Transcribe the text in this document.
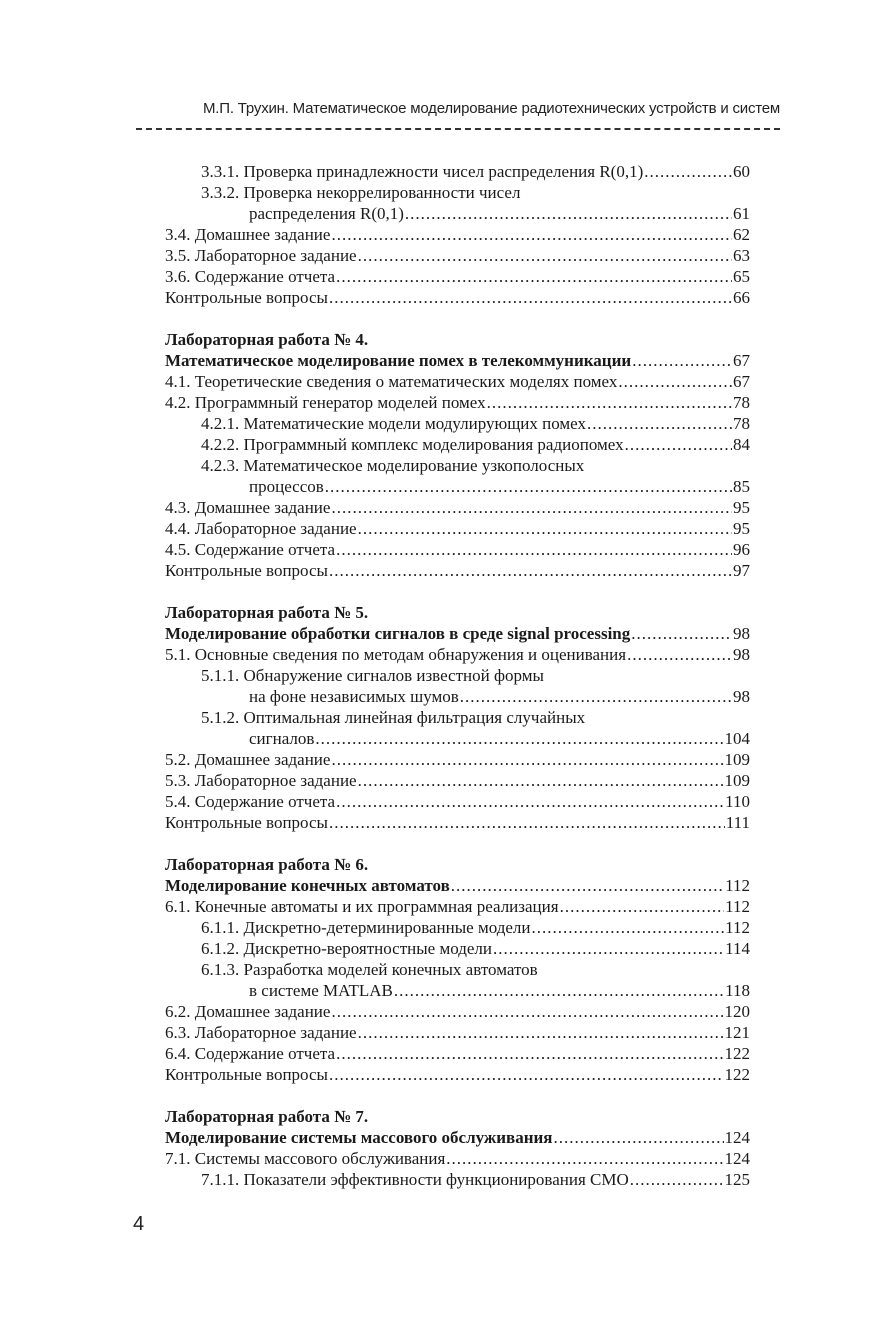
М.П. Трухин. Математическое моделирование радиотехнических устройств и систем
3.3.1. Проверка принадлежности чисел распределения R(0,1) .....	60
3.3.2. Проверка некоррелированности чисел
распределения R(0,1) .....	61
3.4. Домашнее задание .....	62
3.5. Лабораторное задание .....	63
3.6. Содержание отчета .....	65
Контрольные вопросы .....	66
Лабораторная работа № 4.
Математическое моделирование помех в телекоммуникации .....	67
4.1. Теоретические сведения о математических моделях помех .....	67
4.2. Программный генератор моделей помех .....	78
4.2.1. Математические модели модулирующих помех .....	78
4.2.2. Программный комплекс моделирования радиопомех .....	84
4.2.3. Математическое моделирование узкополосных
процессов .....	85
4.3. Домашнее задание .....	95
4.4. Лабораторное задание .....	95
4.5. Содержание отчета .....	96
Контрольные вопросы .....	97
Лабораторная работа № 5.
Моделирование обработки сигналов в среде signal processing .....	98
5.1. Основные сведения по методам обнаружения и оценивания .....	98
5.1.1. Обнаружение сигналов известной формы
на фоне независимых шумов .....	98
5.1.2. Оптимальная линейная фильтрация случайных
сигналов .....	104
5.2. Домашнее задание .....	109
5.3. Лабораторное задание .....	109
5.4. Содержание отчета .....	110
Контрольные вопросы .....	111
Лабораторная работа № 6.
Моделирование конечных автоматов .....	112
6.1. Конечные автоматы и их программная реализация .....	112
6.1.1. Дискретно-детерминированные модели .....	112
6.1.2. Дискретно-вероятностные модели .....	114
6.1.3. Разработка моделей конечных автоматов
в системе MATLAB .....	118
6.2. Домашнее задание .....	120
6.3. Лабораторное задание .....	121
6.4. Содержание отчета .....	122
Контрольные вопросы .....	122
Лабораторная работа № 7.
Моделирование системы массового обслуживания .....	124
7.1. Системы массового обслуживания .....	124
7.1.1. Показатели эффективности функционирования СМО .....	125
4
